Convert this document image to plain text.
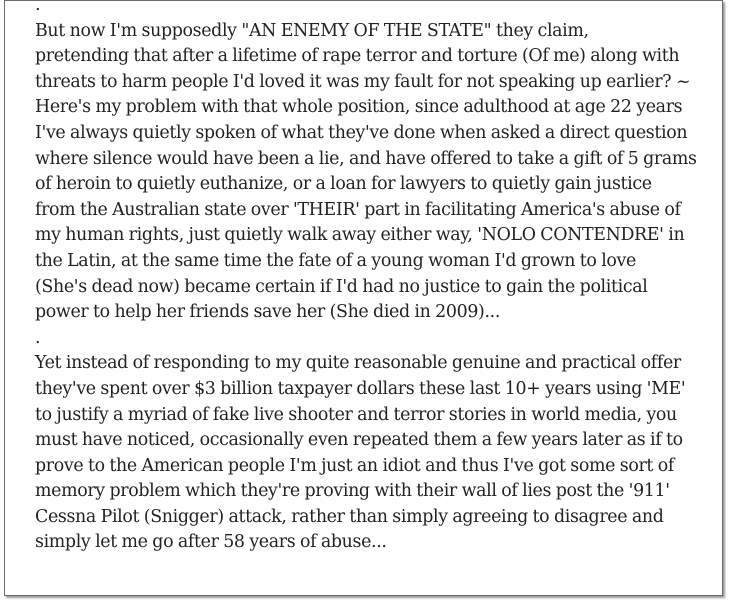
.
But now I'm supposedly "AN ENEMY OF THE STATE" they claim,
pretending that after a lifetime of rape terror and torture (Of me) along with
threats to harm people I'd loved it was my fault for not speaking up earlier? ~
Here's my problem with that whole position, since adulthood at age 22 years
I've always quietly spoken of what they've done when asked a direct question
where silence would have been a lie, and have offered to take a gift of 5 grams
of heroin to quietly euthanize, or a loan for lawyers to quietly gain justice
from the Australian state over 'THEIR' part in facilitating America's abuse of
my human rights, just quietly walk away either way, 'NOLO CONTENDRE' in
the Latin, at the same time the fate of a young woman I'd grown to love
(She's dead now) became certain if I'd had no justice to gain the political
power to help her friends save her (She died in 2009)...
.
Yet instead of responding to my quite reasonable genuine and practical offer
they've spent over $3 billion taxpayer dollars these last 10+ years using 'ME'
to justify a myriad of fake live shooter and terror stories in world media, you
must have noticed, occasionally even repeated them a few years later as if to
prove to the American people I'm just an idiot and thus I've got some sort of
memory problem which they're proving with their wall of lies post the '911'
Cessna Pilot (Snigger) attack, rather than simply agreeing to disagree and
simply let me go after 58 years of abuse...
